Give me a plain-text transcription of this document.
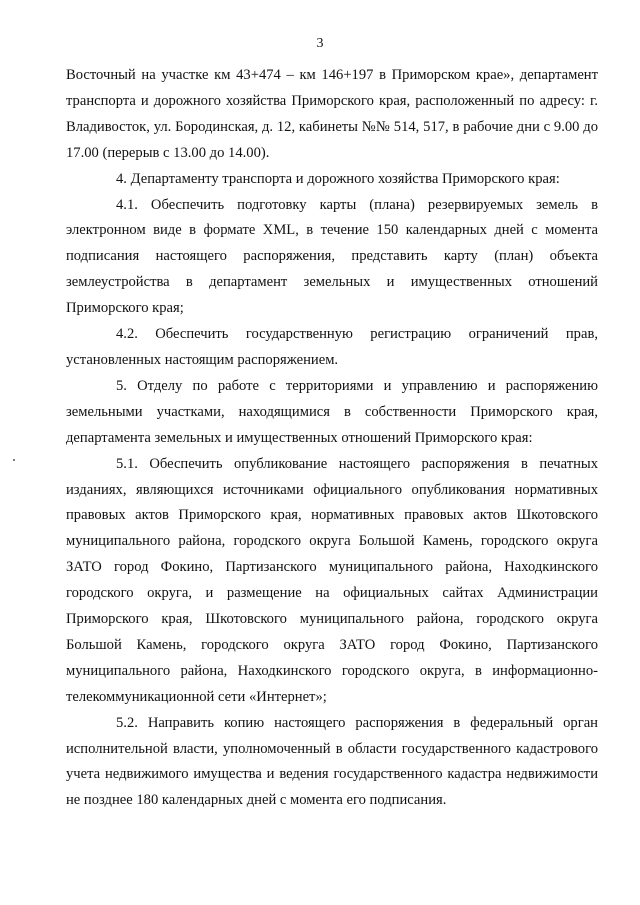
3

Восточный на участке км 43+474 – км 146+197 в Приморском крае», департамент транспорта и дорожного хозяйства Приморского края, расположенный по адресу: г. Владивосток, ул. Бородинская, д. 12, кабинеты №№ 514, 517, в рабочие дни с 9.00 до 17.00 (перерыв с 13.00 до 14.00).

4. Департаменту транспорта и дорожного хозяйства Приморского края:

4.1. Обеспечить подготовку карты (плана) резервируемых земель в электронном виде в формате XML, в течение 150 календарных дней с момента подписания настоящего распоряжения, представить карту (план) объекта землеустройства в департамент земельных и имущественных отношений Приморского края;

4.2. Обеспечить государственную регистрацию ограничений прав, установленных настоящим распоряжением.

5. Отделу по работе с территориями и управлению и распоряжению земельными участками, находящимися в собственности Приморского края, департамента земельных и имущественных отношений Приморского края:

5.1. Обеспечить опубликование настоящего распоряжения в печатных изданиях, являющихся источниками официального опубликования нормативных правовых актов Приморского края, нормативных правовых актов Шкотовского муниципального района, городского округа Большой Камень, городского округа ЗАТО город Фокино, Партизанского муниципального района, Находкинского городского округа, и размещение на официальных сайтах Администрации Приморского края, Шкотовского муниципального района, городского округа Большой Камень, городского округа ЗАТО город Фокино, Партизанского муниципального района, Находкинского городского округа, в информационно-телекоммуникационной сети «Интернет»;

5.2. Направить копию настоящего распоряжения в федеральный орган исполнительной власти, уполномоченный в области государственного кадастрового учета недвижимого имущества и ведения государственного кадастра недвижимости не позднее 180 календарных дней с момента его подписания.
